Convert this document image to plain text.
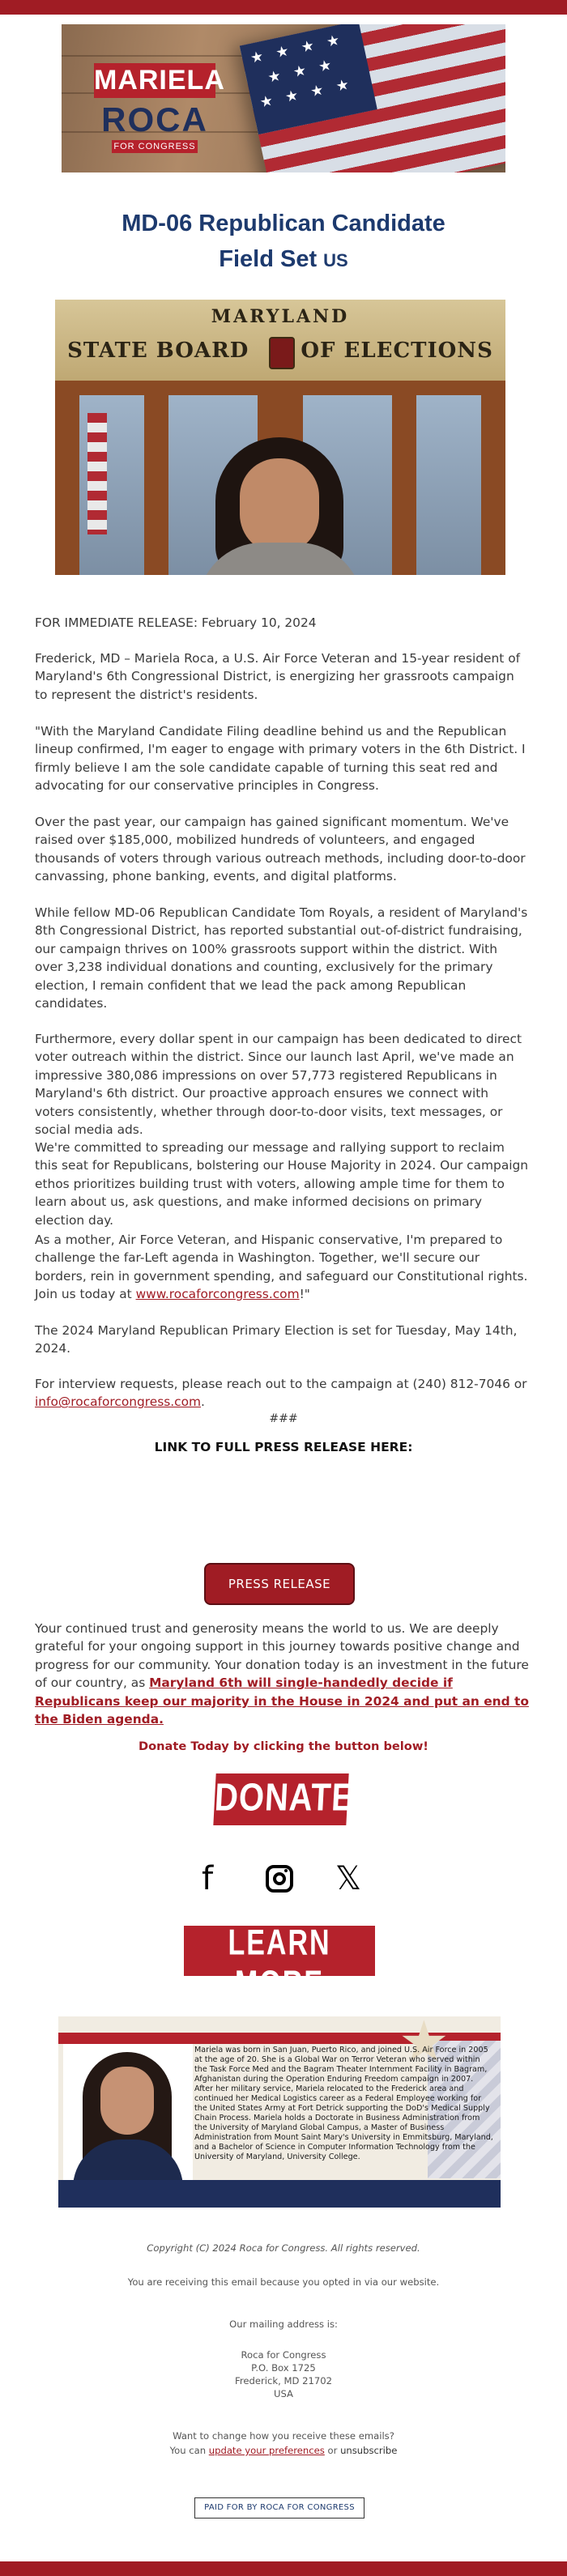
★ ★ ★ ★
★ ★ ★
★ ★ ★ ★
MARIELA
ROCA
FOR CONGRESS
MD-06 Republican Candidate
Field Set US
MARYLAND
STATE BOARD OF ELECTIONS
FOR IMMEDIATE RELEASE: February 10, 2024
Frederick, MD – Mariela Roca, a U.S. Air Force Veteran and 15-year resident of Maryland's 6th Congressional District, is energizing her grassroots campaign to represent the district's residents.
"With the Maryland Candidate Filing deadline behind us and the Republican lineup confirmed, I'm eager to engage with primary voters in the 6th District. I firmly believe I am the sole candidate capable of turning this seat red and advocating for our conservative principles in Congress.
Over the past year, our campaign has gained significant momentum. We've raised over $185,000, mobilized hundreds of volunteers, and engaged thousands of voters through various outreach methods, including door-to-door canvassing, phone banking, events, and digital platforms.
While fellow MD-06 Republican Candidate Tom Royals, a resident of Maryland's 8th Congressional District, has reported substantial out-of-district fundraising, our campaign thrives on 100% grassroots support within the district. With over 3,238 individual donations and counting, exclusively for the primary election, I remain confident that we lead the pack among Republican candidates.
Furthermore, every dollar spent in our campaign has been dedicated to direct voter outreach within the district. Since our launch last April, we've made an impressive 380,086 impressions on over 57,773 registered Republicans in Maryland's 6th district. Our proactive approach ensures we connect with voters consistently, whether through door-to-door visits, text messages, or social media ads.
We're committed to spreading our message and rallying support to reclaim this seat for Republicans, bolstering our House Majority in 2024. Our campaign ethos prioritizes building trust with voters, allowing ample time for them to learn about us, ask questions, and make informed decisions on primary election day.
As a mother, Air Force Veteran, and Hispanic conservative, I'm prepared to challenge the far-Left agenda in Washington. Together, we'll secure our borders, rein in government spending, and safeguard our Constitutional rights. Join us today at www.rocaforcongress.com!"
The 2024 Maryland Republican Primary Election is set for Tuesday, May 14th, 2024.
For interview requests, please reach out to the campaign at (240) 812-7046 or info@rocaforcongress.com.
###
LINK TO FULL PRESS RELEASE HERE:
PRESS RELEASE
Your continued trust and generosity means the world to us. We are deeply grateful for your ongoing support in this journey towards positive change and progress for our community. Your donation today is an investment in the future of our country, as Maryland 6th will single-handedly decide if Republicans keep our majority in the House in 2024 and put an end to the Biden agenda.
Donate Today by clicking the button below!
DONATE
f	𝕏
LEARN MORE
★
Mariela was born in San Juan, Puerto Rico, and joined U.S. Air Force in 2005 at the age of 20. She is a Global War on Terror Veteran who served within the Task Force Med and the Bagram Theater Internment Facility in Bagram, Afghanistan during the Operation Enduring Freedom campaign in 2007. After her military service, Mariela relocated to the Frederick area and continued her Medical Logistics career as a Federal Employee working for the United States Army at Fort Detrick supporting the DoD's Medical Supply Chain Process. Mariela holds a Doctorate in Business Administration from the University of Maryland Global Campus, a Master of Business Administration from Mount Saint Mary's University in Emmitsburg, Maryland, and a Bachelor of Science in Computer Information Technology from the University of Maryland, University College.
Copyright (C) 2024 Roca for Congress. All rights reserved.
You are receiving this email because you opted in via our website.
Our mailing address is:
Roca for Congress
P.O. Box 1725
Frederick, MD 21702
USA
Want to change how you receive these emails?
You can update your preferences or unsubscribe
PAID FOR BY ROCA FOR CONGRESS
